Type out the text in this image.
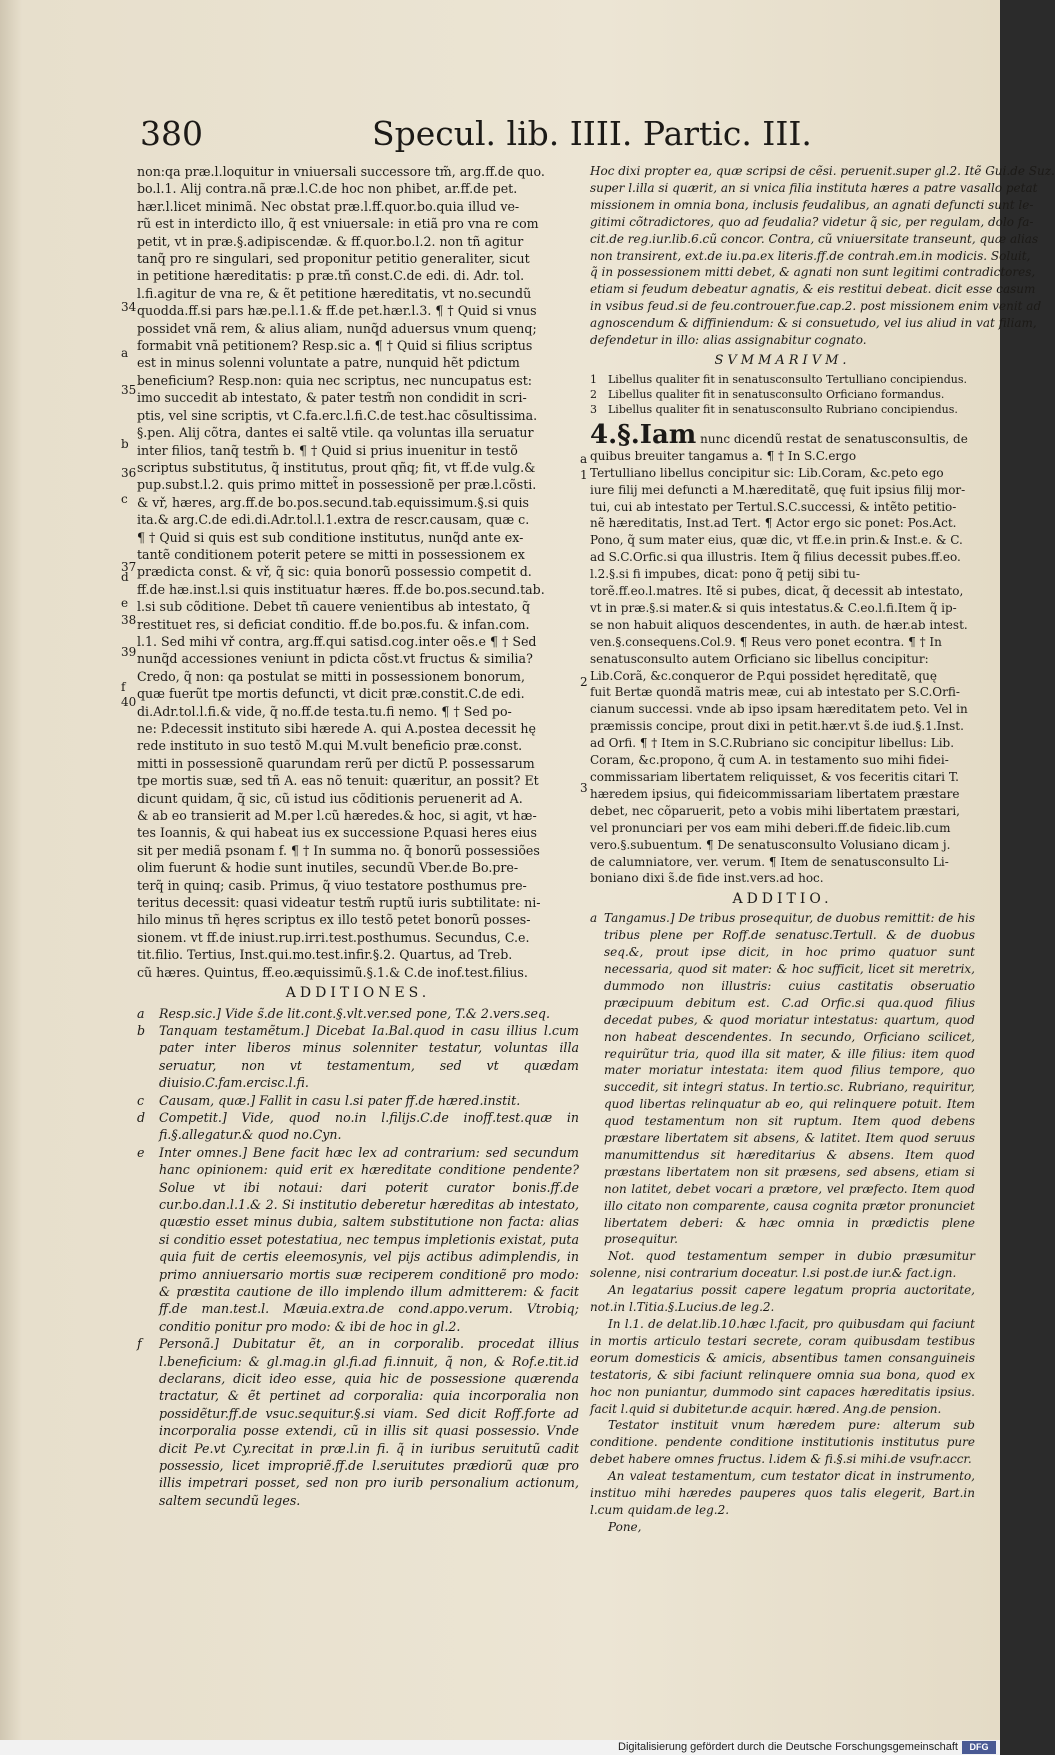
380	Specul. lib. IIII. Partic. III.
non:qa præ.l.loquitur in vniuersali successore tm̃, arg.ff.de quo.
bo.l.1. Alij contra.nã præ.l.C.de hoc non phibet, ar.ff.de pet.
hær.l.licet minimã. Nec obstat præ.l.ff.quor.bo.quia illud ve-
rũ est in interdicto illo, q̃ est vniuersale: in etiã pro vna re com
petit, vt in præ.§.adipiscendæ. & ff.quor.bo.l.2. non tñ agitur
tanq̃ pro re singulari, sed proponitur petitio generaliter, sicut
in petitione hæreditatis: p præ.tñ const.C.de edi. di. Adr. tol.
l.fi.agitur de vna re, & ẽt petitione hæreditatis, vt no.secundũ
quodda.ff.si pars hæ.pe.l.1.& ff.de pet.hær.l.3. ¶ † Quid si vnus
possidet vnã rem, & alius aliam, nunq̃d aduersus vnum quenq;
formabit vnã petitionem? Resp.sic a. ¶ † Quid si filius scriptus
est in minus solenni voluntate a patre, nunquid hẽt pdictum
beneficium? Resp.non: quia nec scriptus, nec nuncupatus est:
imo succedit ab intestato, & pater testm̃ non condidit in scri-
ptis, vel sine scriptis, vt C.fa.erc.l.fi.C.de test.hac cõsultissima.
§.pen. Alij cõtra, dantes ei saltẽ vtile. qa voluntas illa seruatur
inter filios, tanq̃ testm̃ b. ¶ † Quid si prius inuenitur in testõ
scriptus substitutus, q̃ institutus, prout qñq; fit, vt ff.de vulg.&
pup.subst.l.2. quis primo mittet̃ in possessionẽ per præ.l.cõsti.
& vř, hæres, arg.ff.de bo.pos.secund.tab.equissimum.§.si quis
ita.& arg.C.de edi.di.Adr.tol.l.1.extra de rescr.causam, quæ c.
¶ † Quid si quis est sub conditione institutus, nunq̃d ante ex-
tantẽ conditionem poterit petere se mitti in possessionem ex
prædicta const. & vř, q̃ sic: quia bonorũ possessio competit d.
ff.de hæ.inst.l.si quis instituatur hæres. ff.de bo.pos.secund.tab.
l.si sub cõditione. Debet tñ cauere venientibus ab intestato, q̃
restituet res, si deficiat conditio. ff.de bo.pos.fu. & infan.com.
l.1. Sed mihi vř contra, arg.ff.qui satisd.cog.inter oẽs.e ¶ † Sed
nunq̃d accessiones veniunt in pdicta cõst.vt fructus & similia?
Credo, q̃ non: qa postulat se mitti in possessionem bonorum,
quæ fuerũt tpe mortis defuncti, vt dicit præ.constit.C.de edi.
di.Adr.tol.l.fi.& vide, q̃ no.ff.de testa.tu.fi nemo. ¶ † Sed po-
ne: P.decessit instituto sibi hærede A. qui A.postea decessit hę
rede instituto in suo testõ M.qui M.vult beneficio præ.const.
mitti in possessionẽ quarundam rerũ per dictũ P. possessarum
tpe mortis suæ, sed tñ A. eas nõ tenuit: quæritur, an possit? Et
dicunt quidam, q̃ sic, cũ istud ius cõditionis peruenerit ad A.
& ab eo transierit ad M.per l.cũ hæredes.& hoc, si agit, vt hæ-
tes Ioannis, & qui habeat ius ex successione P.quasi heres eius
sit per mediã psonam f. ¶ † In summa no. q̃ bonorũ possessiões
olim fuerunt & hodie sunt inutiles, secundũ Vber.de Bo.pre-
terq̃ in quinq; casib. Primus, q̃ viuo testatore posthumus pre-
teritus decessit: quasi videatur testm̃ ruptũ iuris subtilitate: ni-
hilo minus tñ hęres scriptus ex illo testõ petet bonorũ posses-
sionem. vt ff.de iniust.rup.irri.test.posthumus. Secundus, C.e.
tit.filio. Tertius, Inst.qui.mo.test.infir.§.2. Quartus, ad Treb.
cũ hæres. Quintus, ff.eo.æquissimũ.§.1.& C.de inof.test.filius.
ADDITIONES.
a Resp.sic.] Vide s̃.de lit.cont.§.vlt.ver.sed pone, T.& 2.vers.seq.
b Tanquam testamẽtum.] Dicebat Ia.Bal.quod in casu illius l.cum pater inter liberos minus solenniter testatur, voluntas illa seruatur, non vt testamentum, sed vt quædam diuisio.C.fam.ercisc.l.fi.
c Causam, quæ.] Fallit in casu l.si pater ff.de hæred.instit.
d Competit.] Vide, quod no.in l.filijs.C.de inoff.test.quæ in fi.§.allegatur.& quod no.Cyn.
e Inter omnes.] Bene facit hæc lex ad contrarium: sed secundum hanc opinionem: quid erit ex hæreditate conditione pendente? Solue vt ibi notaui: dari poterit curator bonis.ff.de cur.bo.dan.l.1.& 2. Si institutio deberetur hæreditas ab intestato, quæstio esset minus dubia, saltem substitutione non facta: alias si conditio esset potestatiua, nec tempus impletionis existat, puta quia fuit de certis eleemosynis, vel pijs actibus adimplendis, in primo anniuersario mortis suæ reciperem conditionẽ pro modo: & præstita cautione de illo implendo illum admitterem: & facit ff.de man.test.l. Mæuia.extra.de cond.appo.verum. Vtrobiq; conditio ponitur pro modo: & ibi de hoc in gl.2.
f Personã.] Dubitatur ẽt, an in corporalib. procedat illius l.beneficium: & gl.mag.in gl.fi.ad fi.innuit, q̃ non, & Rof.e.tit.id declarans, dicit ideo esse, quia hic de possessione quærenda tractatur, & ẽt pertinet ad corporalia: quia incorporalia non possidẽtur.ff.de vsuc.sequitur.§.si viam. Sed dicit Roff.forte ad incorporalia posse extendi, cũ in illis sit quasi possessio. Vnde dicit Pe.vt Cy.recitat in præ.l.in fi. q̃ in iuribus seruitutũ cadit possessio, licet impropriẽ.ff.de l.seruitutes prædiorũ quæ pro illis impetrari posset, sed non pro iurib personalium actionum, saltem secundũ leges.
34
a
35
b
36
c
37
d
e
38
39
f
40
Hoc dixi propter ea, quæ scripsi de cẽsi. peruenit.super gl.2. Itẽ Gui.de Suz.
super l.illa si quærit, an si vnica filia instituta hæres a patre vasallo petat
missionem in omnia bona, inclusis feudalibus, an agnati defuncti sunt le-
gitimi cõtradictores, quo ad feudalia? videtur q̃ sic, per regulam, dolo fa-
cit.de reg.iur.lib.6.cũ concor. Contra, cũ vniuersitate transeunt, quæ alias
non transirent, ext.de iu.pa.ex literis.ff.de contrah.em.in modicis. Soluit,
q̃ in possessionem mitti debet, & agnati non sunt legitimi contradictores,
etiam si feudum debeatur agnatis, & eis restitui debeat. dicit esse casum
in vsibus feud.si de feu.controuer.fue.cap.2. post missionem enim venit ad
agnoscendum & diffiniendum: & si consuetudo, vel ius aliud in vat filiam,
defendetur in illo: alias assignabitur cognato.
SVMMARIVM.
1 Libellus qualiter fit in senatusconsulto Tertulliano concipiendus.
2 Libellus qualiter fit in senatusconsulto Orficiano formandus.
3 Libellus qualiter fit in senatusconsulto Rubriano concipiendus.
4.§.Iam nunc dicendũ restat de senatusconsultis, de
quibus breuiter tangamus a. ¶ † In S.C.ergo
Tertulliano libellus concipitur sic: Lib.Coram, &c.peto ego
iure filij mei defuncti a M.hæreditatẽ, quę fuit ipsius filij mor-
tui, cui ab intestato per Tertul.S.C.successi, & intẽto petitio-
nẽ hæreditatis, Inst.ad Tert. ¶ Actor ergo sic ponet: Pos.Act.
Pono, q̃ sum mater eius, quæ dic, vt ff.e.in prin.& Inst.e. & C.
ad S.C.Orfic.si qua illustris. Item q̃ filius decessit pubes.ff.eo.
l.2.§.si fi impubes, dicat: pono q̃ petij sibi tu-
torẽ.ff.eo.l.matres. Itẽ si pubes, dicat, q̃ decessit ab intestato,
vt in præ.§.si mater.& si quis intestatus.& C.eo.l.fi.Item q̃ ip-
se non habuit aliquos descendentes, in auth. de hær.ab intest.
ven.§.consequens.Col.9. ¶ Reus vero ponet econtra. ¶ † In
senatusconsulto autem Orficiano sic libellus concipitur:
Lib.Corã, &c.conqueror de P.qui possidet hęreditatẽ, quę
fuit Bertæ quondã matris meæ, cui ab intestato per S.C.Orfi-
cianum successi. vnde ab ipso ipsam hæreditatem peto. Vel in
præmissis concipe, prout dixi in petit.hær.vt s̃.de iud.§.1.Inst.
ad Orfi. ¶ † Item in S.C.Rubriano sic concipitur libellus: Lib.
Coram, &c.propono, q̃ cum A. in testamento suo mihi fidei-
commissariam libertatem reliquisset, & vos feceritis citari T.
hæredem ipsius, qui fideicommissariam libertatem præstare
debet, nec cõparuerit, peto a vobis mihi libertatem præstari,
vel pronunciari per vos eam mihi deberi.ff.de fideic.lib.cum
vero.§.subuentum. ¶ De senatusconsulto Volusiano dicam j.
de calumniatore, ver. verum. ¶ Item de senatusconsulto Li-
boniano dixi s̃.de fide inst.vers.ad hoc.
ADDITIO.
a Tangamus.] De tribus prosequitur, de duobus remittit: de his tribus plene per Roff.de senatusc.Tertull. & de duobus seq.&, prout ipse dicit, in hoc primo quatuor sunt necessaria, quod sit mater: & hoc sufficit, licet sit meretrix, dummodo non illustris: cuius castitatis obseruatio præcipuum debitum est. C.ad Orfic.si qua.quod filius decedat pubes, & quod moriatur intestatus: quartum, quod non habeat descendentes. In secundo, Orficiano scilicet, requirũtur tria, quod illa sit mater, & ille filius: item quod mater moriatur intestata: item quod filius tempore, quo succedit, sit integri status. In tertio.sc. Rubriano, requiritur, quod libertas relinquatur ab eo, qui relinquere potuit. Item quod testamentum non sit ruptum. Item quod debens præstare libertatem sit absens, & latitet. Item quod seruus manumittendus sit hæreditarius & absens. Item quod præstans libertatem non sit præsens, sed absens, etiam si non latitet, debet vocari a prætore, vel præfecto. Item quod illo citato non comparente, causa cognita prætor pronunciet libertatem deberi: & hæc omnia in prædictis plene prosequitur.

Not. quod testamentum semper in dubio præsumitur solenne, nisi contrarium doceatur. l.si post.de iur.& fact.ign.

An legatarius possit capere legatum propria auctoritate, not.in l.Titia.§.Lucius.de leg.2.

In l.1. de delat.lib.10.hæc l.facit, pro quibusdam qui faciunt in mortis articulo testari secrete, coram quibusdam testibus eorum domesticis & amicis, absentibus tamen consanguineis testatoris, & sibi faciunt relinquere omnia sua bona, quod ex hoc non puniantur, dummodo sint capaces hæreditatis ipsius. facit l.quid si dubitetur.de acquir. hæred. Ang.de pension.

Testator instituit vnum hæredem pure: alterum sub conditione. pendente conditione institutionis institutus pure debet habere omnes fructus. l.idem & fi.§.si mihi.de vsufr.accr.

An valeat testamentum, cum testator dicat in instrumento, instituo mihi hæredes pauperes quos talis elegerit, Bart.in l.cum quidam.de leg.2.

Pone,

a
1
2
3
Digitalisierung gefördert durch die Deutsche Forschungsgemeinschaft	DFG
